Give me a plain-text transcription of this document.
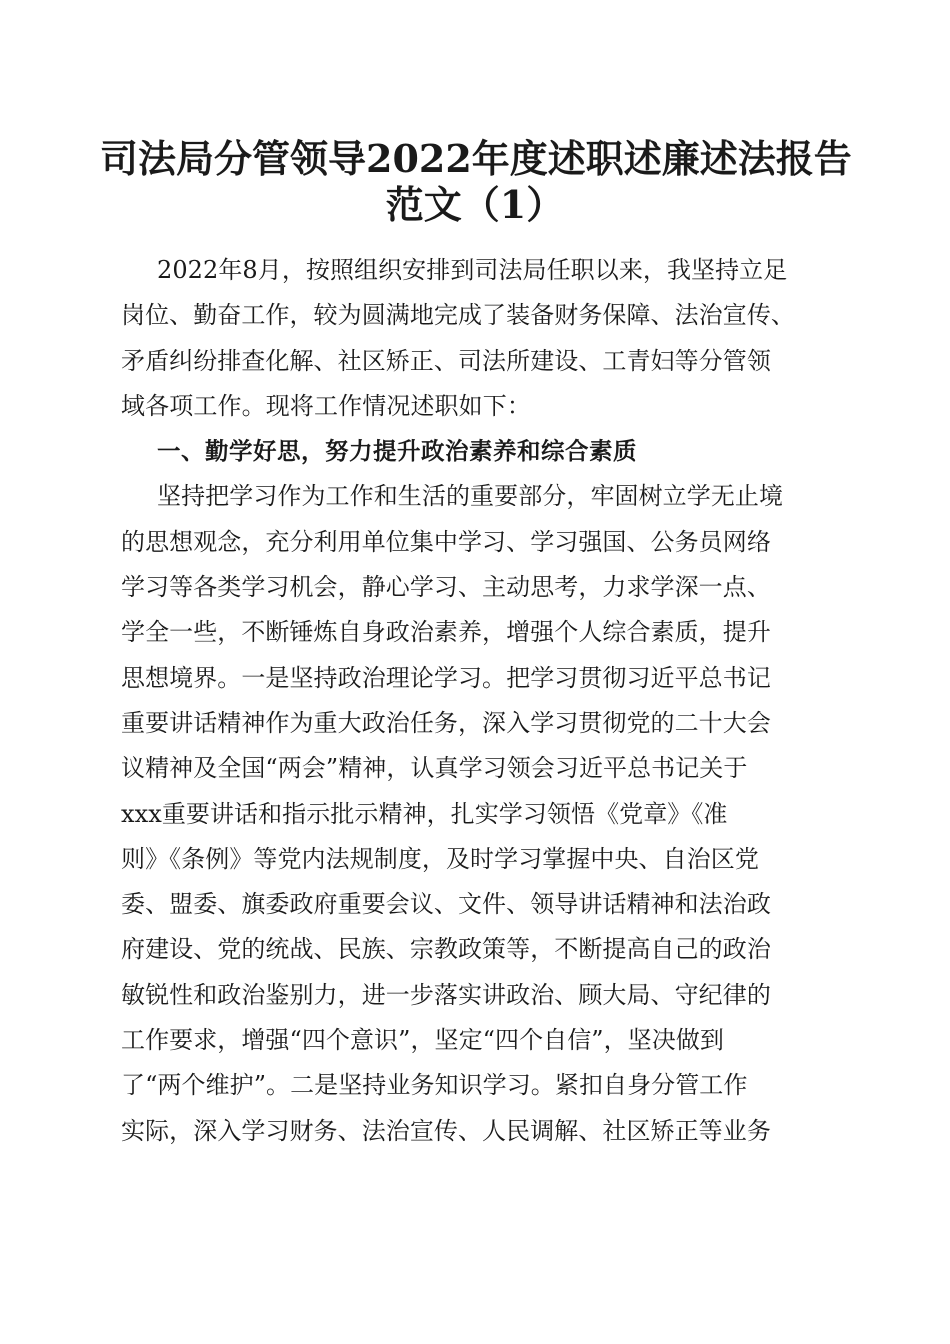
司法局分管领导2022年度述职述廉述法报告
范文（1）

2022年8月，按照组织安排到司法局任职以来，我坚持立足
岗位、勤奋工作，较为圆满地完成了装备财务保障、法治宣传、
矛盾纠纷排查化解、社区矫正、司法所建设、工青妇等分管领
域各项工作。现将工作情况述职如下：

一、勤学好思，努力提升政治素养和综合素质

坚持把学习作为工作和生活的重要部分，牢固树立学无止境
的思想观念，充分利用单位集中学习、学习强国、公务员网络
学习等各类学习机会，静心学习、主动思考，力求学深一点、
学全一些，不断锤炼自身政治素养，增强个人综合素质，提升
思想境界。一是坚持政治理论学习。把学习贯彻习近平总书记
重要讲话精神作为重大政治任务，深入学习贯彻党的二十大会
议精神及全国“两会”精神，认真学习领会习近平总书记关于
xxx重要讲话和指示批示精神，扎实学习领悟《党章》《准
则》《条例》等党内法规制度，及时学习掌握中央、自治区党
委、盟委、旗委政府重要会议、文件、领导讲话精神和法治政
府建设、党的统战、民族、宗教政策等，不断提高自己的政治
敏锐性和政治鉴别力，进一步落实讲政治、顾大局、守纪律的
工作要求，增强“四个意识”，坚定“四个自信”，坚决做到
了“两个维护”。二是坚持业务知识学习。紧扣自身分管工作
实际，深入学习财务、法治宣传、人民调解、社区矫正等业务
